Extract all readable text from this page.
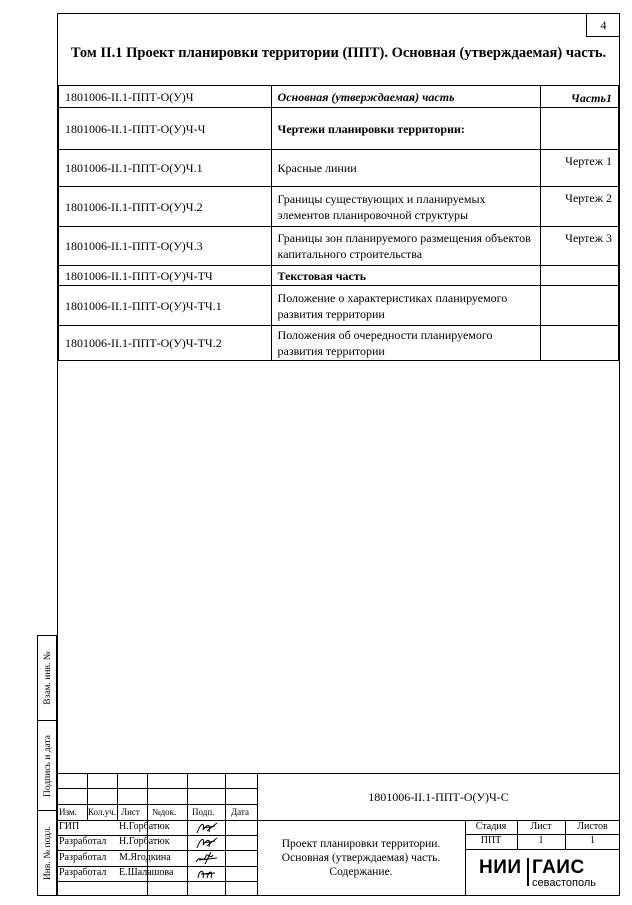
4
Том II.1 Проект планировки территории (ППТ). Основная (утверждаемая) часть.
1801006-II.1-ППТ-О(У)Ч	Основная (утверждаемая) часть	Часть1
1801006-II.1-ППТ-О(У)Ч-Ч	Чертежи планировки территории:	
1801006-II.1-ППТ-О(У)Ч.1	Красные линии	Чертеж 1
1801006-II.1-ППТ-О(У)Ч.2	Границы существующих и планируемых элементов планировочной структуры	Чертеж 2
1801006-II.1-ППТ-О(У)Ч.3	Границы зон планируемого размещения объектов капитального строительства	Чертеж 3
1801006-II.1-ППТ-О(У)Ч-ТЧ	Текстовая часть	
1801006-II.1-ППТ-О(У)Ч-ТЧ.1	Положение о характеристиках планируемого развития территории	
1801006-II.1-ППТ-О(У)Ч-ТЧ.2	Положения об очередности планируемого развития территории	
Взам. инв. №
Подпись и дата
Инв. № подл.
1801006-II.1-ППТ-О(У)Ч-С
Изм. Кол.уч. Лист №док. Подп. Дата
ГИП	Н.Горбатюк
Разработал Н.Горбатюк
Разработал М.Ягодкина
Разработал Е.Шалашова
Проект планировки территории.
Основная (утверждаемая) часть.
Содержание.
Стадия	Лист	Листов
ППТ	1	1
НИИ ГАИС
севастополь
